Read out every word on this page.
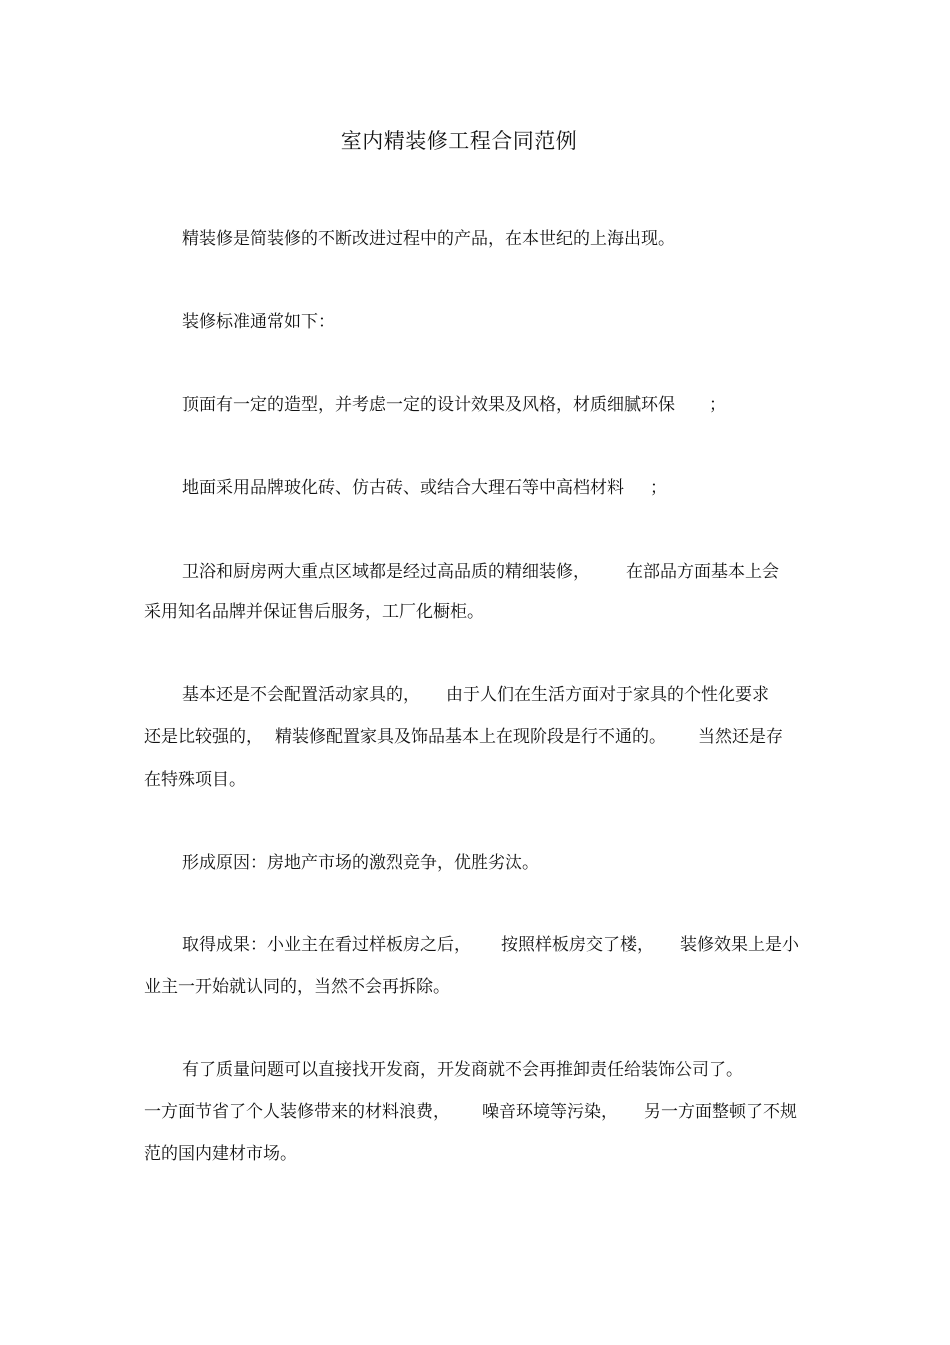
室内精装修工程合同范例
精装修是简装修的不断改进过程中的产品，在本世纪的上海出现。
装修标准通常如下：
顶面有一定的造型，并考虑一定的设计效果及风格，材质细腻环保 ；
地面采用品牌玻化砖、仿古砖、或结合大理石等中高档材料 ；
卫浴和厨房两大重点区域都是经过高品质的精细装修， 在部品方面基本上会
采用知名品牌并保证售后服务，工厂化橱柜。
基本还是不会配置活动家具的， 由于人们在生活方面对于家具的个性化要求
还是比较强的， 精装修配置家具及饰品基本上在现阶段是行不通的。 当然还是存
在特殊项目。
形成原因：房地产市场的激烈竞争，优胜劣汰。
取得成果：小业主在看过样板房之后， 按照样板房交了楼， 装修效果上是小
业主一开始就认同的，当然不会再拆除。
有了质量问题可以直接找开发商，开发商就不会再推卸责任给装饰公司了。
一方面节省了个人装修带来的材料浪费， 噪音环境等污染， 另一方面整顿了不规
范的国内建材市场。
